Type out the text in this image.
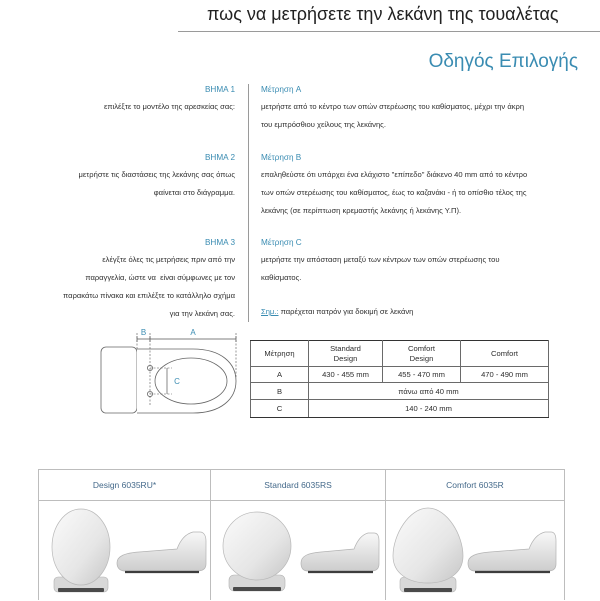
πως να μετρήσετε την λεκάνη της τουαλέτας
Οδηγός Επιλογής
ΒΗΜΑ 1
επιλέξτε το μοντέλο της αρεσκείας σας:
ΒΗΜΑ 2
μετρήστε τις διαστάσεις της λεκάνης σας όπως
φαίνεται στο διάγραμμα.
ΒΗΜΑ 3
ελέγξτε όλες τις μετρήσεις πριν από την
παραγγελία, ώστε να  είναι σύμφωνες με τον
παρακάτω πίνακα και επιλέξτε το κατάλληλο σχήμα
για την λεκάνη σας.
Μέτρηση A
μετρήστε από το κέντρο των οπών στερέωσης του καθίσματος, μέχρι την άκρη
του εμπρόσθιου χείλους της λεκάνης.
Μέτρηση B
επαληθεύστε ότι υπάρχει ένα ελάχιστο "επίπεδο" διάκενο 40 mm από το κέντρο
των οπών στερέωσης του καθίσματος, έως το καζανάκι - ή το οπίσθιο τέλος της
λεκάνης (σε περίπτωση κρεμαστής λεκάνης ή λεκάνης Υ.Π).
Μέτρηση C
μετρήστε την απόσταση μεταξύ των κέντρων των οπών στερέωσης του
καθίσματος.
Σημ.: παρέχεται πατρόν για δοκιμή σε λεκάνη
B	A
C
Μέτρηση	Standard Design	Comfort Design	Comfort
A	430 - 455 mm	455 - 470 mm	470 - 490 mm
B	πάνω από 40 mm		
C	140 - 240 mm		
Design 6035RU*	Standard 6035RS	Comfort 6035R
